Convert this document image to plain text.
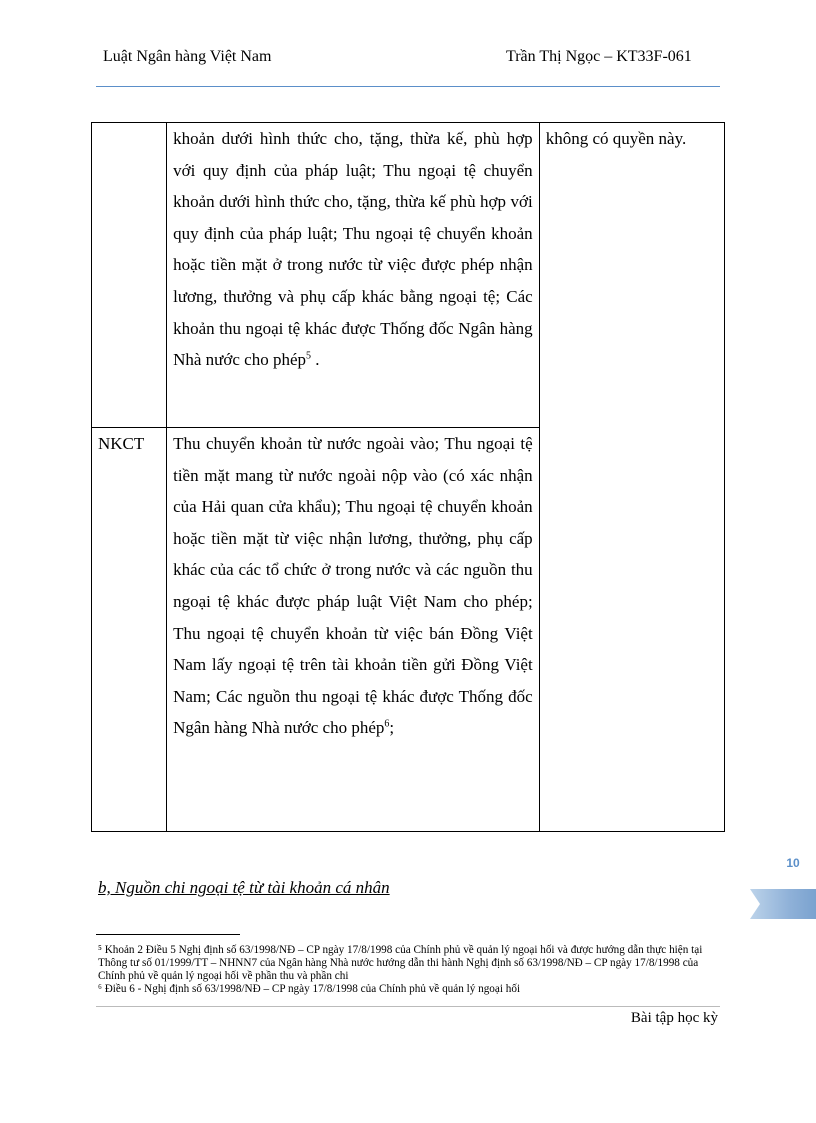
Luật Ngân hàng Việt Nam	Trần Thị Ngọc – KT33F-061
	khoản dưới hình thức cho, tặng, thừa kế, phù hợp với quy định của pháp luật; Thu ngoại tệ chuyển khoản dưới hình thức cho, tặng, thừa kế phù hợp với quy định của pháp luật; Thu ngoại tệ chuyển khoản hoặc tiền mặt ở trong nước từ việc được phép nhận lương, thưởng và phụ cấp khác bằng ngoại tệ; Các khoản thu ngoại tệ khác được Thống đốc Ngân hàng Nhà nước cho phép$^5$ .	không có quyền này.
NKCT	Thu chuyển khoản từ nước ngoài vào; Thu ngoại tệ tiền mặt mang từ nước ngoài nộp vào (có xác nhận của Hải quan cửa khẩu); Thu ngoại tệ chuyển khoản hoặc tiền mặt từ việc nhận lương, thưởng, phụ cấp khác của các tổ chức ở trong nước và các nguồn thu ngoại tệ khác được pháp luật Việt Nam cho phép; Thu ngoại tệ chuyển khoản từ việc bán Đồng Việt Nam lấy ngoại tệ trên tài khoản tiền gửi Đồng Việt Nam; Các nguồn thu ngoại tệ khác được Thống đốc Ngân hàng Nhà nước cho phép$^6$;	
10
b, Nguồn chi ngoại tệ từ tài khoản cá nhân

⁵ Khoản 2 Điều 5 Nghị định số 63/1998/NĐ – CP ngày 17/8/1998 của Chính phủ về quản lý ngoại hối và được hướng dẫn thực hiện tại Thông tư số 01/1999/TT – NHNN7 của Ngân hàng Nhà nước hướng dẫn thi hành Nghị định số 63/1998/NĐ – CP ngày 17/8/1998 của Chính phủ về quản lý ngoại hối về phần thu và phần chi

⁶ Điều 6 - Nghị định số 63/1998/NĐ – CP ngày 17/8/1998 của Chính phủ về quản lý ngoại hối

Bài tập học kỳ
